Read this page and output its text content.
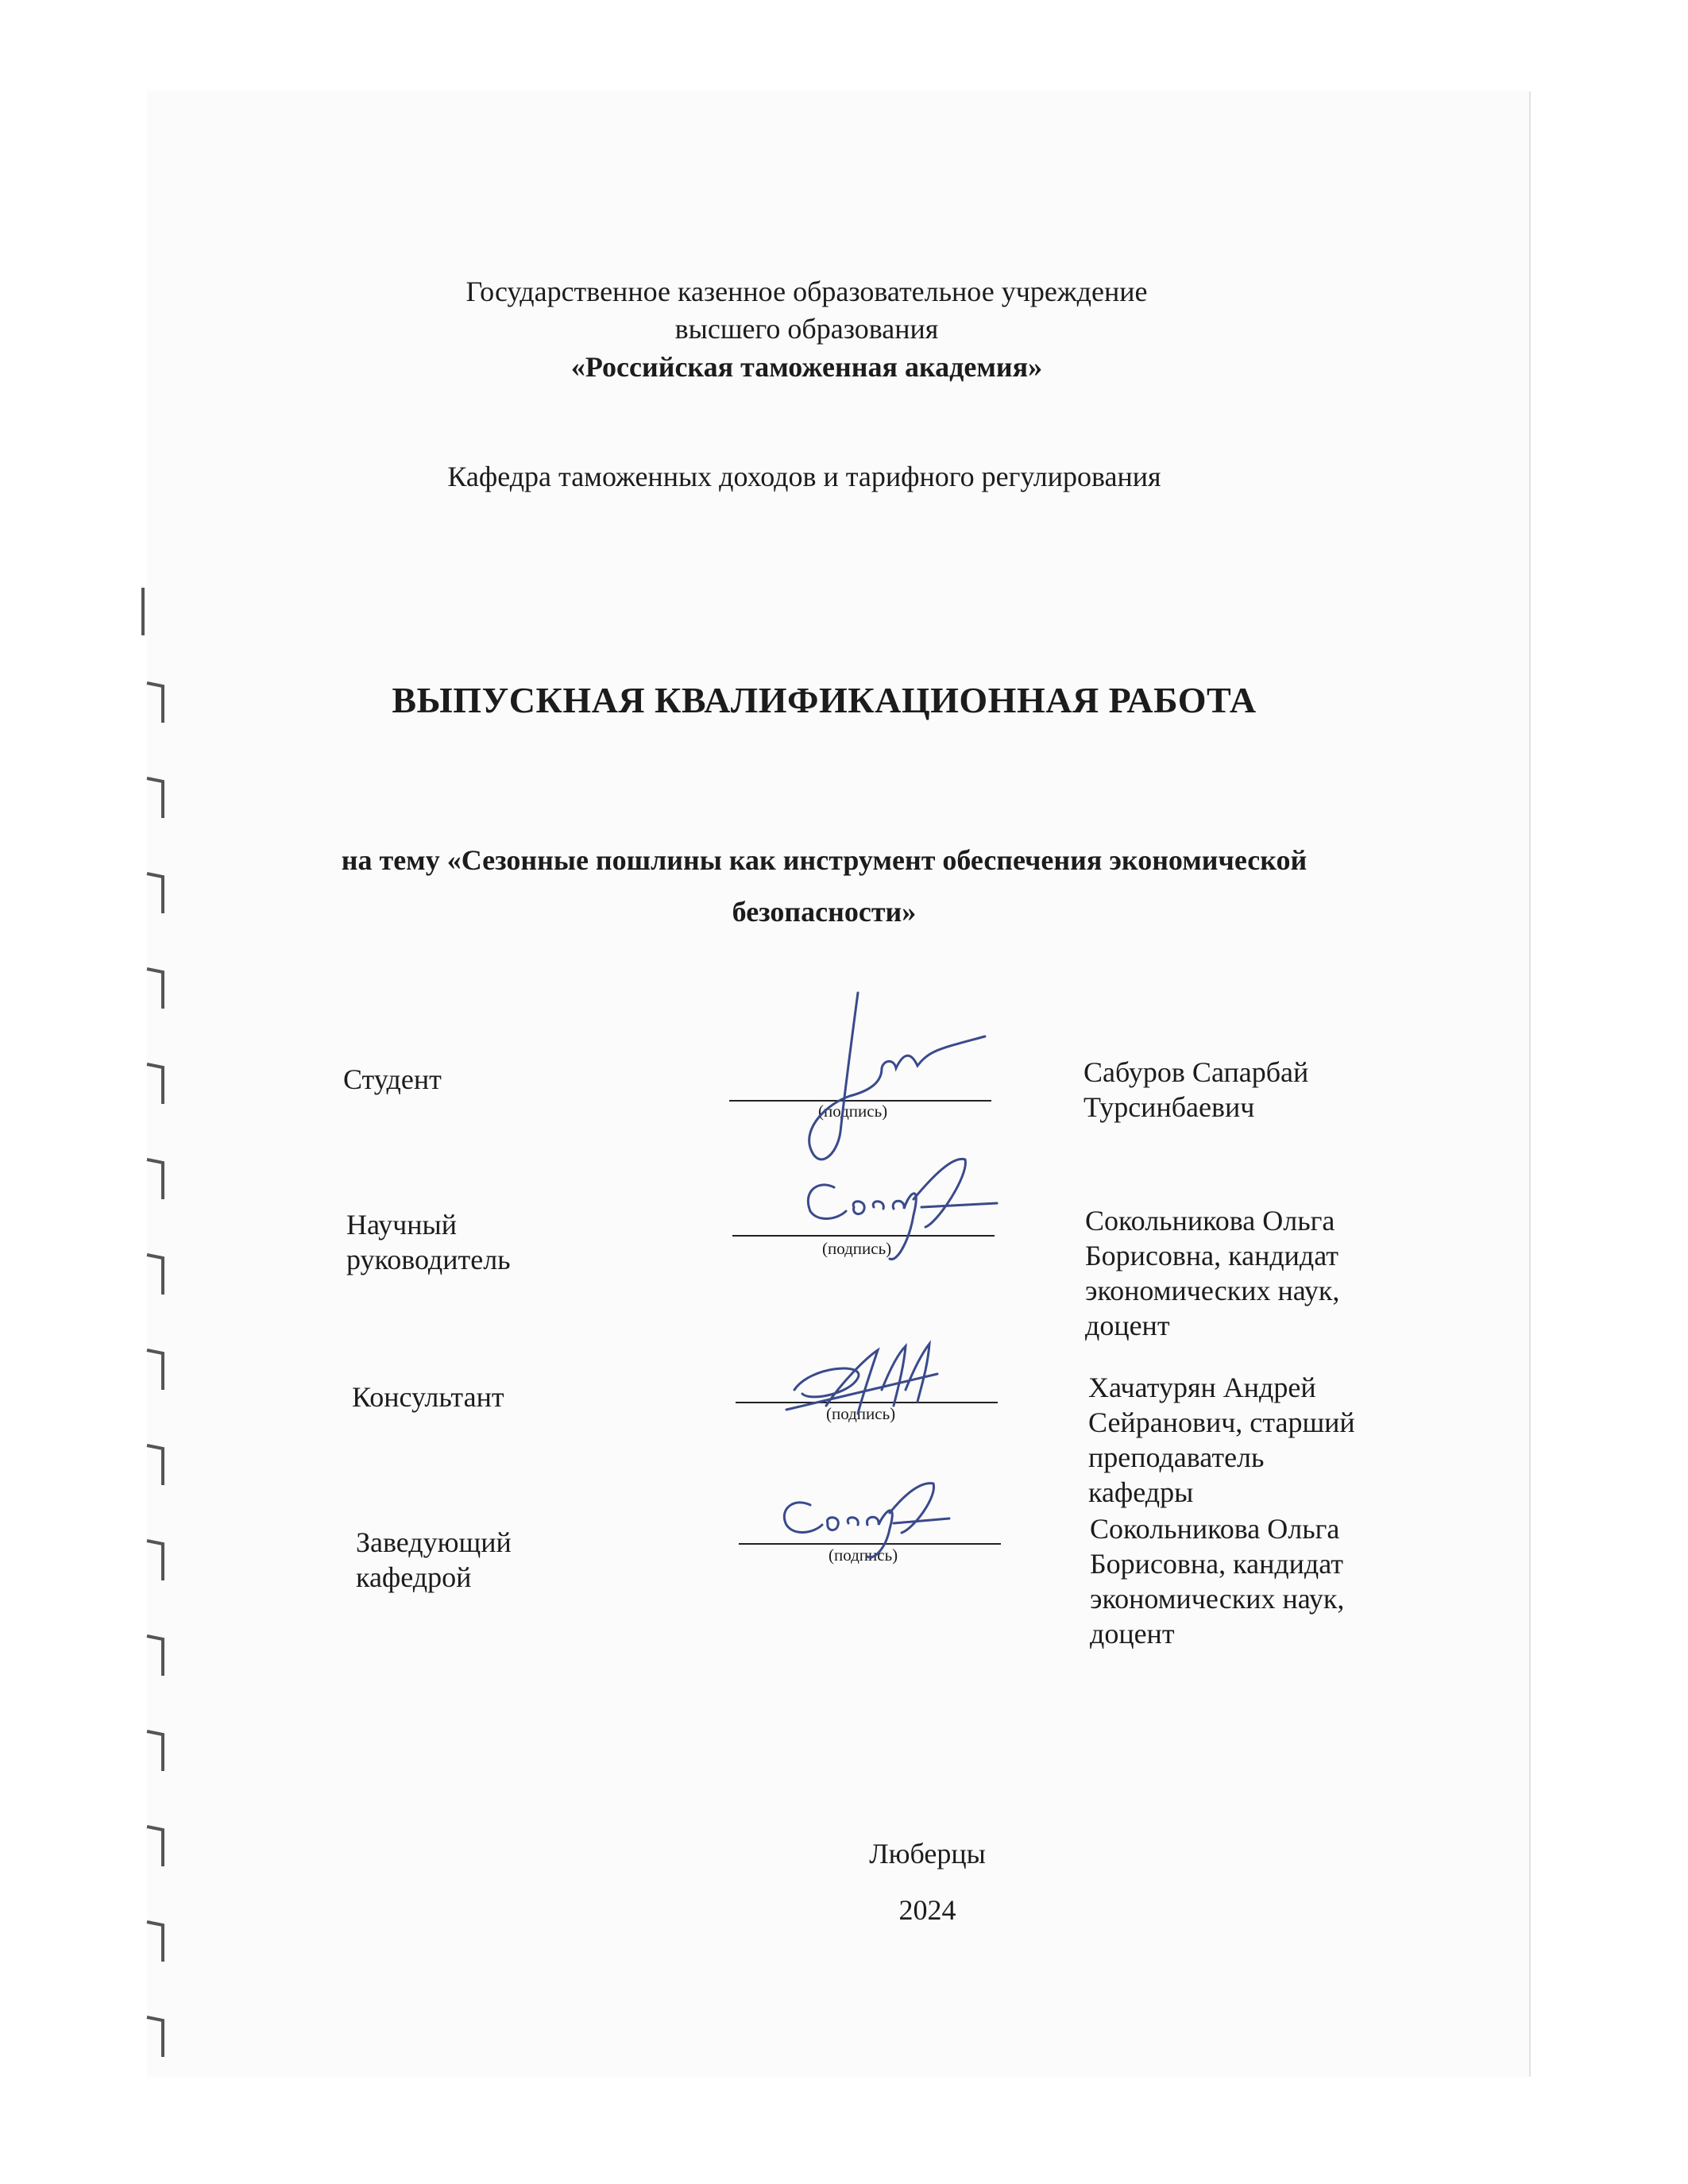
Государственное казенное образовательное учреждение
высшего образования
«Российская таможенная академия»
Кафедра таможенных доходов и тарифного регулирования
ВЫПУСКНАЯ КВАЛИФИКАЦИОННАЯ РАБОТА
на тему «Сезонные пошлины как инструмент обеспечения экономической
безопасности»
Студент
(подпись)
Сабуров Сапарбай
Турсинбаевич
Научный
руководитель	(подпись)
Сокольникова Ольга
Борисовна, кандидат
экономических наук,
доцент
Консультант
(подпись)
Хачатурян Андрей
Сейранович, старший
преподаватель
кафедры
Заведующий
кафедрой
(подпись)
Сокольникова Ольга
Борисовна, кандидат
экономических наук,
доцент
Люберцы
2024
